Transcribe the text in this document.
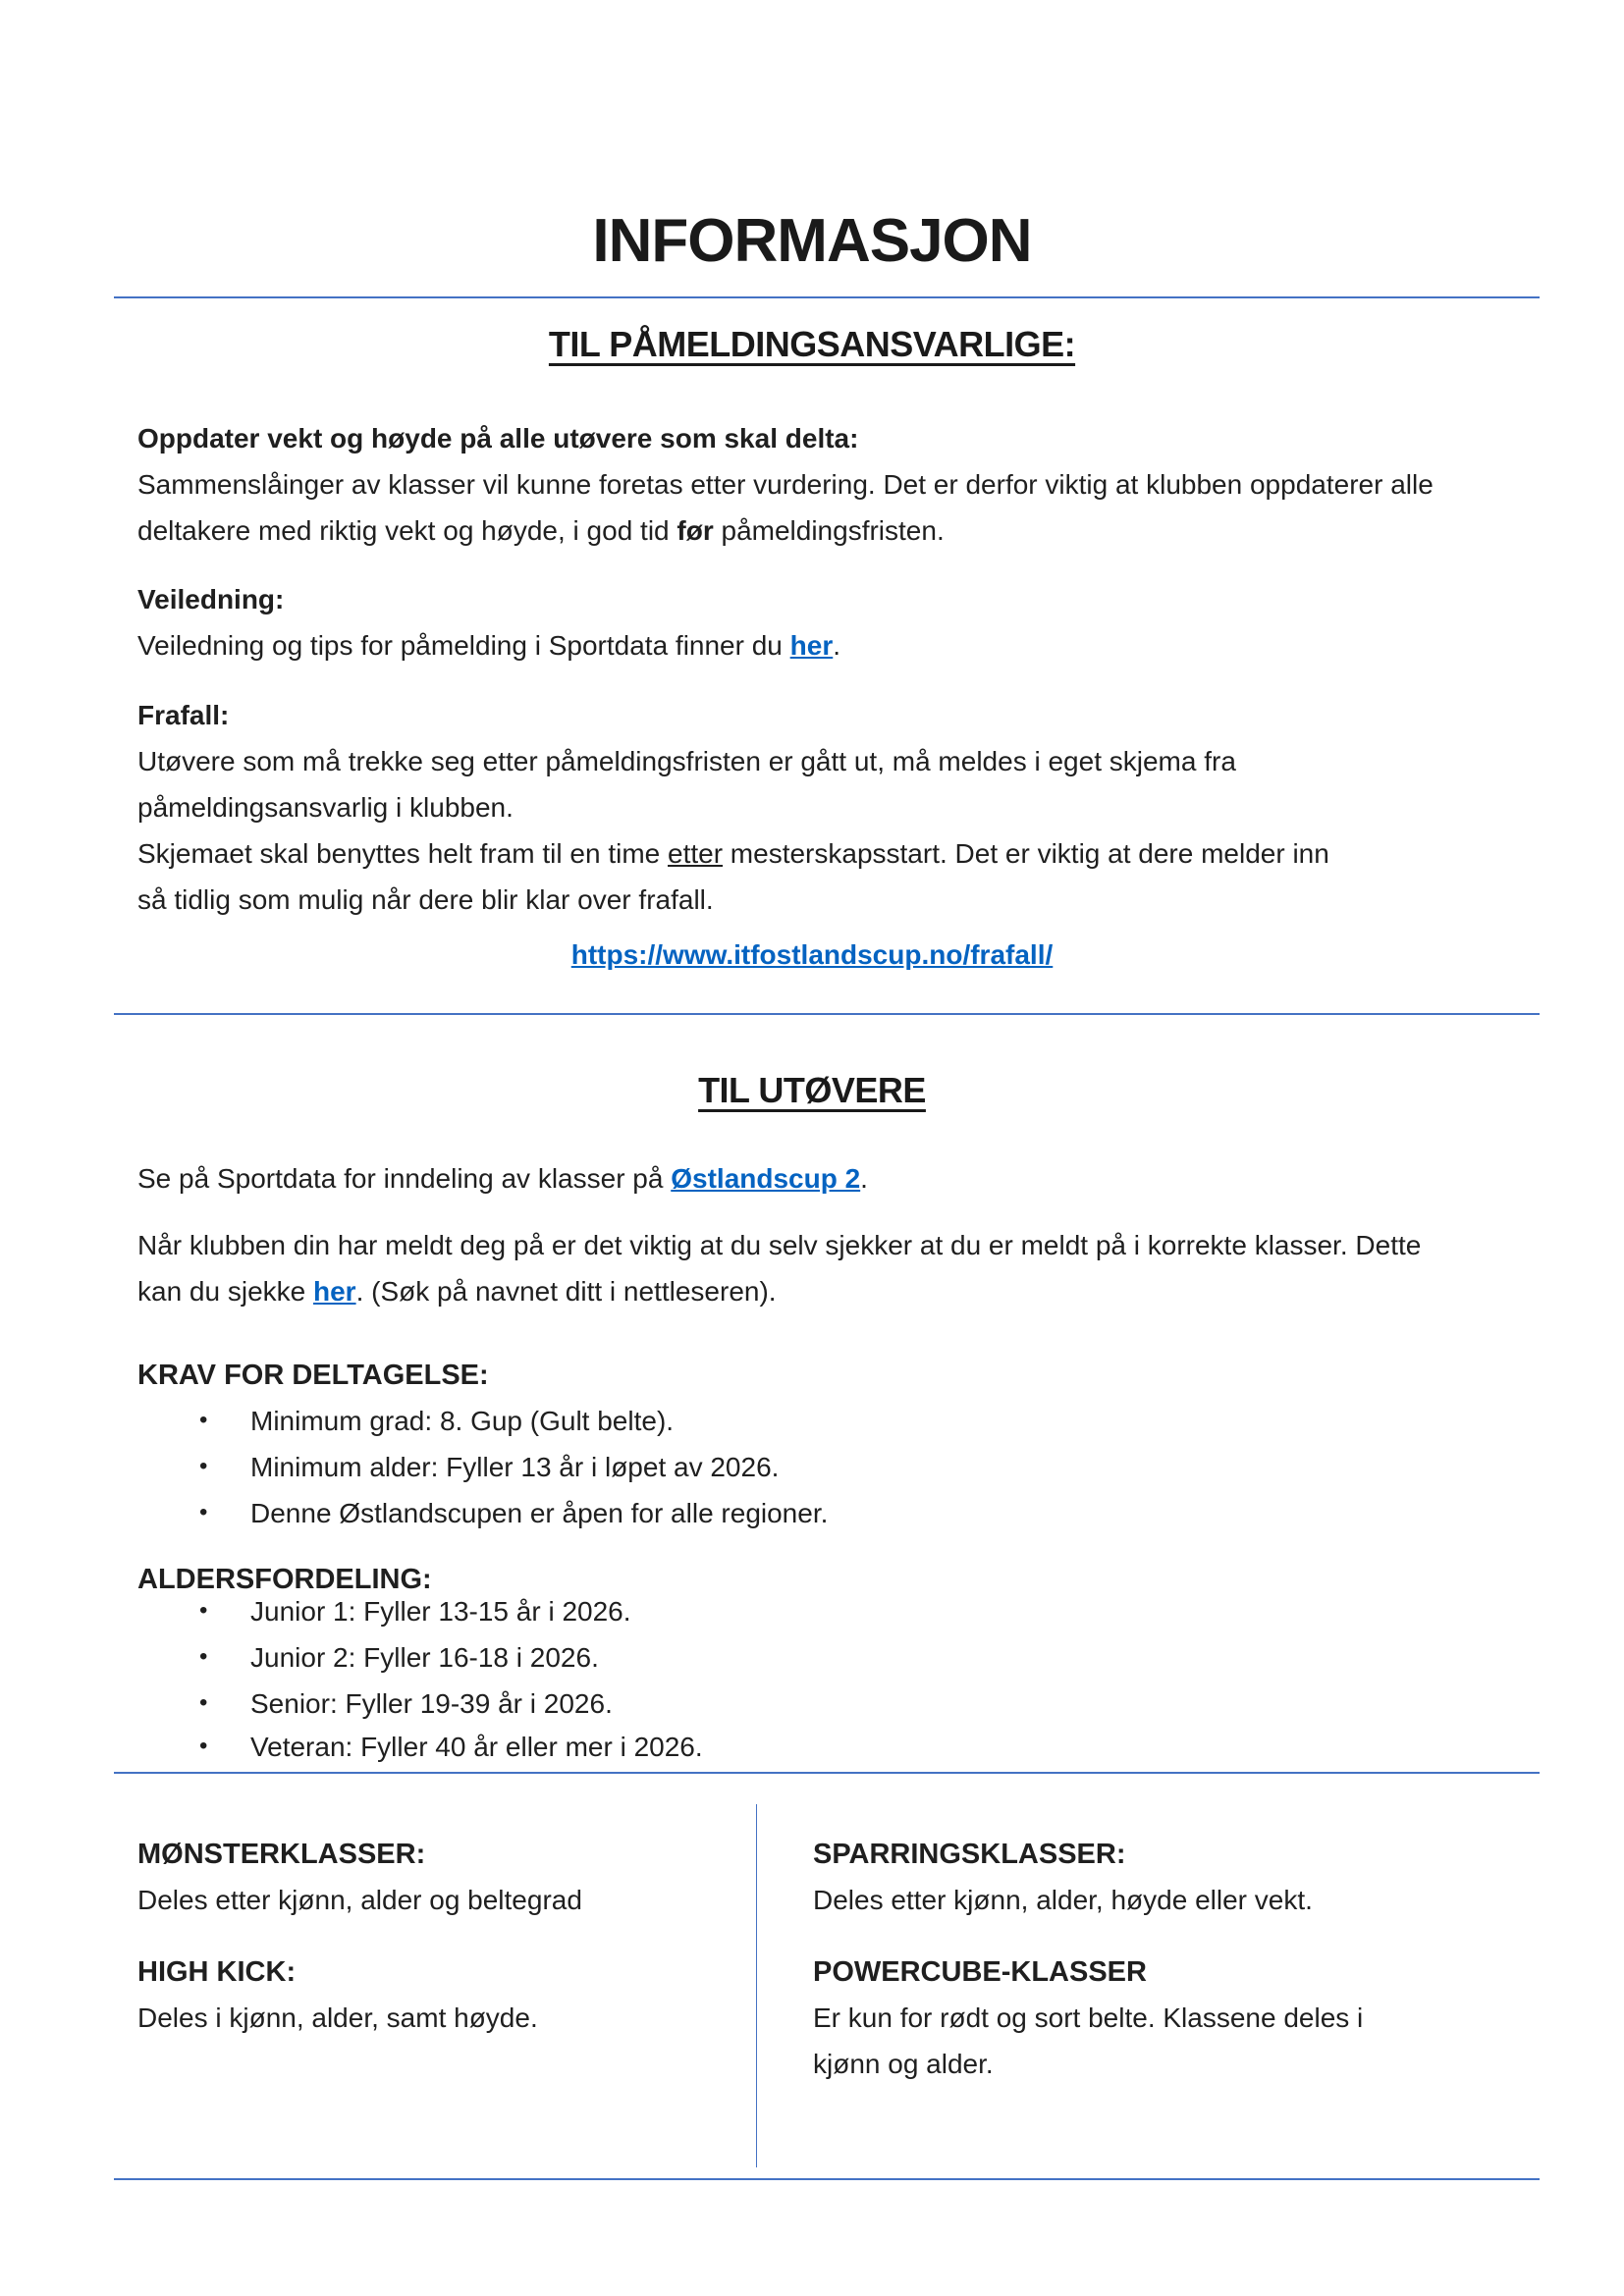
INFORMASJON
TIL PÅMELDINGSANSVARLIGE:
Oppdater vekt og høyde på alle utøvere som skal delta:
Sammenslåinger av klasser vil kunne foretas etter vurdering. Det er derfor viktig at klubben oppdaterer alle
deltakere med riktig vekt og høyde, i god tid før påmeldingsfristen.
Veiledning:
Veiledning og tips for påmelding i Sportdata finner du her.
Frafall:
Utøvere som må trekke seg etter påmeldingsfristen er gått ut, må meldes i eget skjema fra
påmeldingsansvarlig i klubben.
Skjemaet skal benyttes helt fram til en time etter mesterskapsstart. Det er viktig at dere melder inn
så tidlig som mulig når dere blir klar over frafall.
https://www.itfostlandscup.no/frafall/
TIL UTØVERE
Se på Sportdata for inndeling av klasser på Østlandscup 2.
Når klubben din har meldt deg på er det viktig at du selv sjekker at du er meldt på i korrekte klasser. Dette
kan du sjekke her. (Søk på navnet ditt i nettleseren).
KRAV FOR DELTAGELSE:
•
Minimum grad: 8. Gup (Gult belte).
•
Minimum alder: Fyller 13 år i løpet av 2026.
•
Denne Østlandscupen er åpen for alle regioner.
ALDERSFORDELING:
•
Junior 1: Fyller 13-15 år i 2026.
•
Junior 2: Fyller 16-18 i 2026.
•
Senior: Fyller 19-39 år i 2026.
•
Veteran: Fyller 40 år eller mer i 2026.
MØNSTERKLASSER:
Deles etter kjønn, alder og beltegrad
HIGH KICK:
Deles i kjønn, alder, samt høyde.
SPARRINGSKLASSER:
Deles etter kjønn, alder, høyde eller vekt.
POWERCUBE-KLASSER
Er kun for rødt og sort belte. Klassene deles i
kjønn og alder.
